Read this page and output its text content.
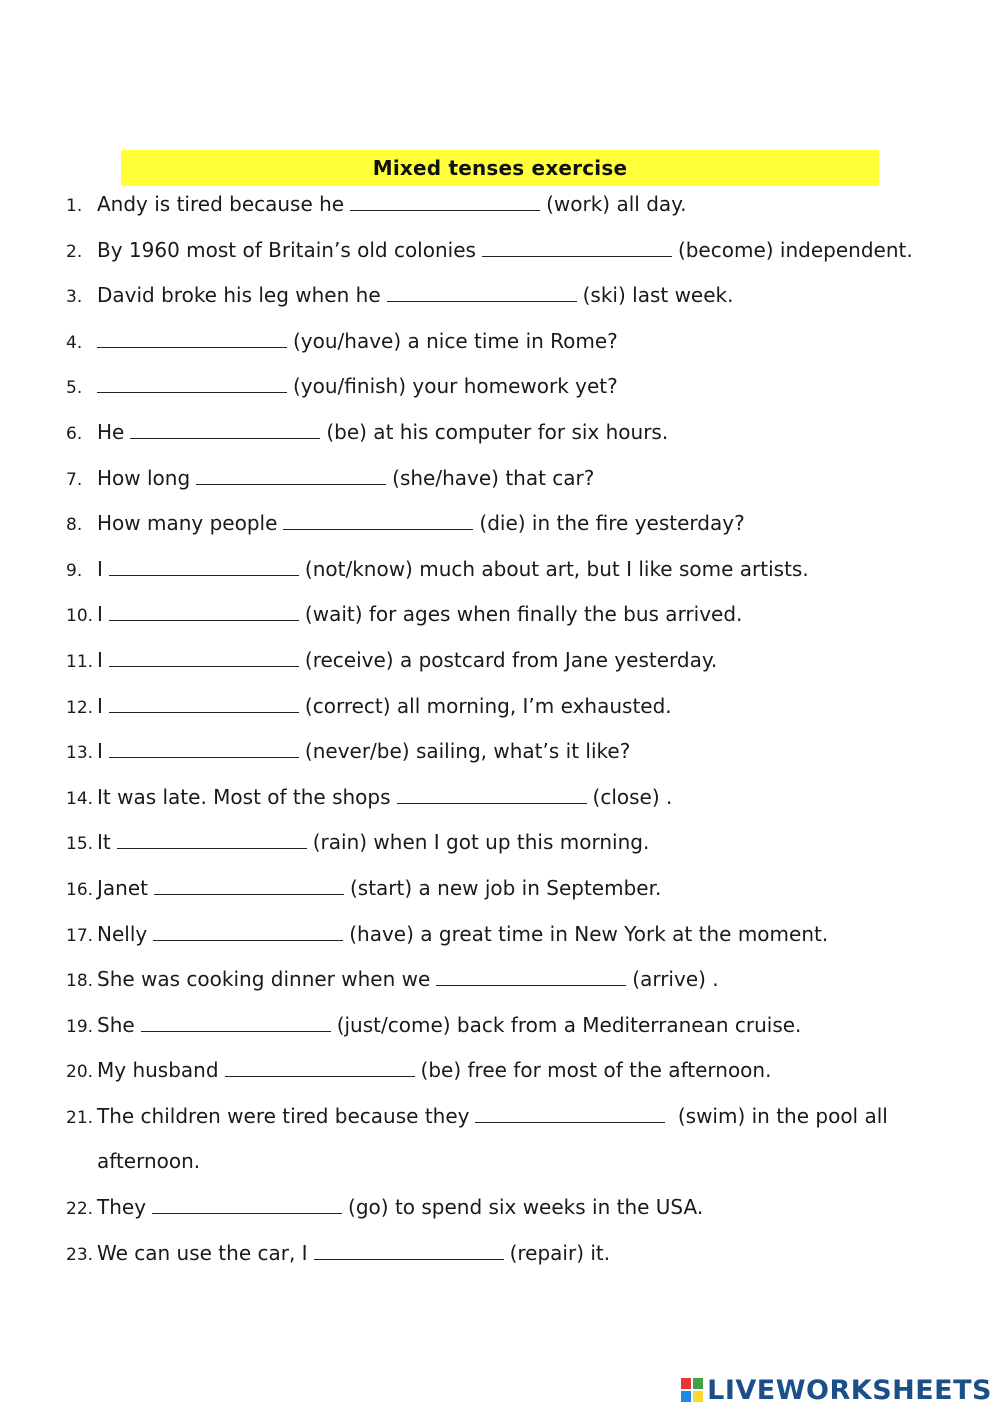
Mixed tenses exercise
1. Andy is tired because he	(work) all day.
2. By 1960 most of Britain’s old colonies	(become) independent.
3. David broke his leg when he	(ski) last week.
4.	(you/have) a nice time in Rome?
5.	(you/finish) your homework yet?
6. He	(be) at his computer for six hours.
7. How long	(she/have) that car?
8. How many people	(die) in the fire yesterday?
9. I	(not/know) much about art, but I like some artists.
10. I	(wait) for ages when finally the bus arrived.
11. I	(receive) a postcard from Jane yesterday.
12. I	(correct) all morning, I’m exhausted.
13. I	(never/be) sailing, what’s it like?
14. It was late. Most of the shops	(close) .
15. It	(rain) when I got up this morning.
16. Janet	(start) a new job in September.
17. Nelly	(have) a great time in New York at the moment.
18. She was cooking dinner when we	(arrive) .
19. She	(just/come) back from a Mediterranean cruise.
20. My husband	(be) free for most of the afternoon.
21. The children were tired because they	(swim) in the pool all
afternoon.
22. They	(go) to spend six weeks in the USA.
23. We can use the car, I	(repair) it.
LIVEWORKSHEETS
